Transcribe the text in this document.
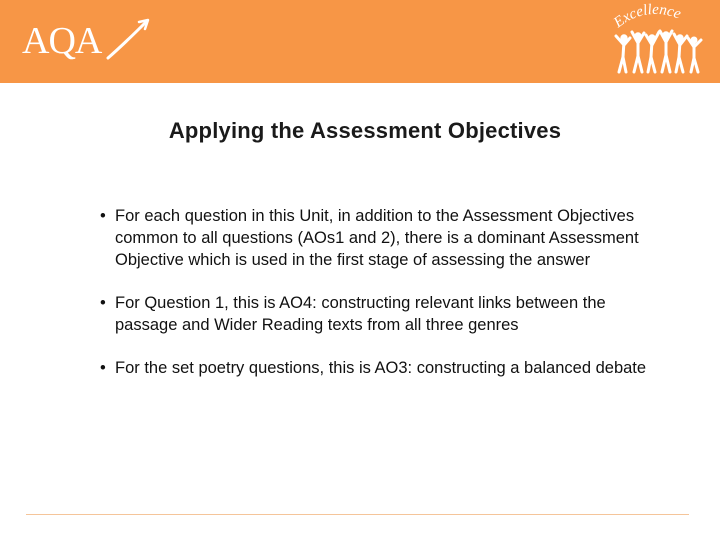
AQA	Excellence
Applying the Assessment Objectives
• For each question in this Unit, in addition to the Assessment Objectives common to all questions (AOs1 and 2), there is a dominant Assessment Objective which is used in the first stage of assessing the answer
• For Question 1, this is AO4: constructing relevant links between the passage and Wider Reading texts from all three genres
• For the set poetry questions, this is AO3: constructing a balanced debate
